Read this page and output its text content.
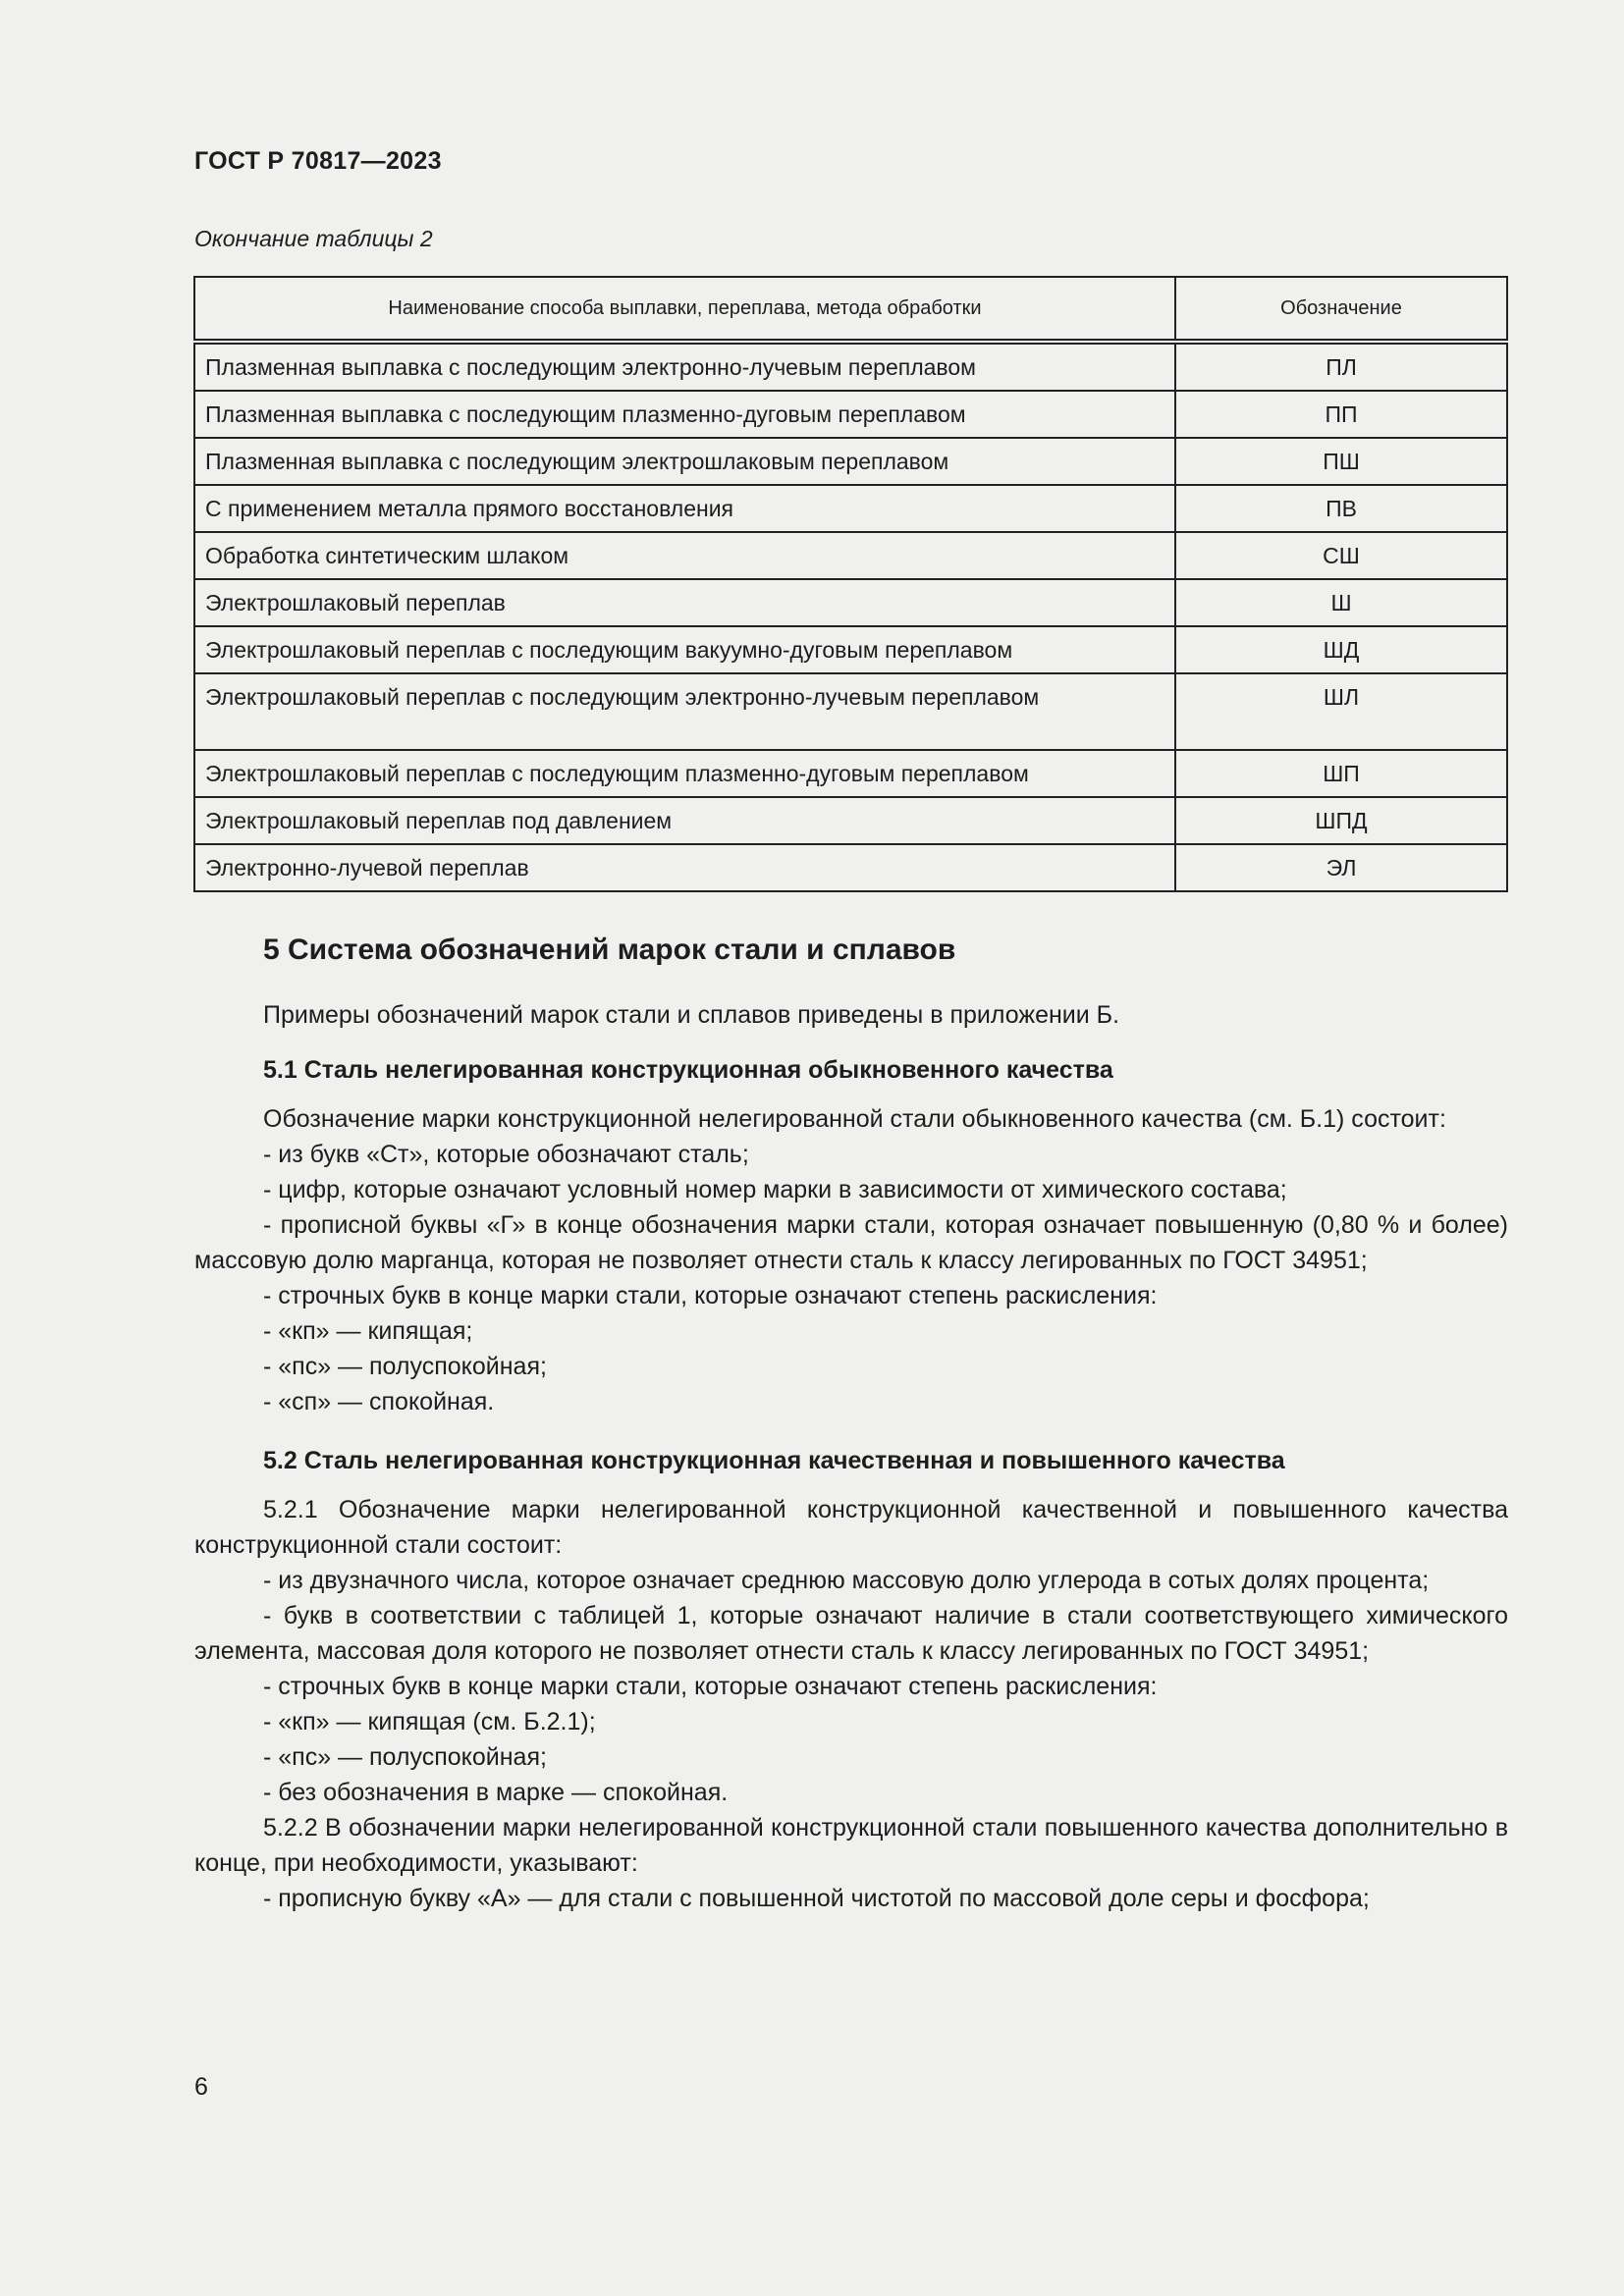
ГОСТ Р 70817—2023
Окончание таблицы 2
Наименование способа выплавки, переплава, метода обработки	Обозначение
Плазменная выплавка с последующим электронно-лучевым переплавом	ПЛ
Плазменная выплавка с последующим плазменно-дуговым переплавом	ПП
Плазменная выплавка с последующим электрошлаковым переплавом	ПШ
С применением металла прямого восстановления	ПВ
Обработка синтетическим шлаком	СШ
Электрошлаковый переплав	Ш
Электрошлаковый переплав с последующим вакуумно-дуговым переплавом	ШД
Электрошлаковый переплав с последующим электронно-лучевым переплавом	ШЛ
Электрошлаковый переплав с последующим плазменно-дуговым переплавом	ШП
Электрошлаковый переплав под давлением	ШПД
Электронно-лучевой переплав	ЭЛ
5 Система обозначений марок стали и сплавов

Примеры обозначений марок стали и сплавов приведены в приложении Б.

5.1 Сталь нелегированная конструкционная обыкновенного качества

Обозначение марки конструкционной нелегированной стали обыкновенного качества (см. Б.1) состоит:

- из букв «Ст», которые обозначают сталь;

- цифр, которые означают условный номер марки в зависимости от химического состава;

- прописной буквы «Г» в конце обозначения марки стали, которая означает повышенную (0,80 % и более) массовую долю марганца, которая не позволяет отнести сталь к классу легированных по ГОСТ 34951;

- строчных букв в конце марки стали, которые означают степень раскисления:

- «кп» — кипящая;

- «пс» — полуспокойная;

- «сп» — спокойная.

5.2 Сталь нелегированная конструкционная качественная и повышенного качества

5.2.1 Обозначение марки нелегированной конструкционной качественной и повышенного качества конструкционной стали состоит:

- из двузначного числа, которое означает среднюю массовую долю углерода в сотых долях процента;

- букв в соответствии с таблицей 1, которые означают наличие в стали соответствующего химического элемента, массовая доля которого не позволяет отнести сталь к классу легированных по ГОСТ 34951;

- строчных букв в конце марки стали, которые означают степень раскисления:

- «кп» — кипящая (см. Б.2.1);

- «пс» — полуспокойная;

- без обозначения в марке — спокойная.

5.2.2 В обозначении марки нелегированной конструкционной стали повышенного качества дополнительно в конце, при необходимости, указывают:

- прописную букву «А» — для стали с повышенной чистотой по массовой доле серы и фосфора;

6
